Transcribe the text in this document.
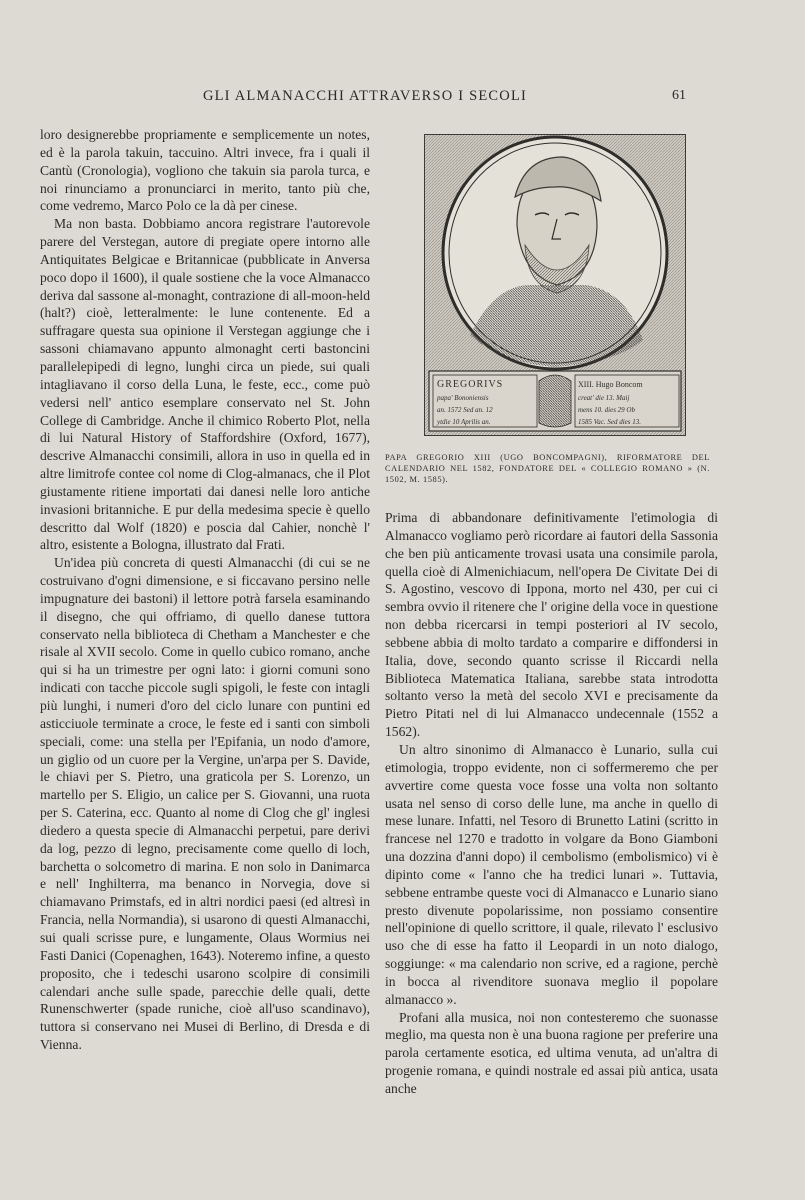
GLI ALMANACCHI ATTRAVERSO I SECOLI	61

loro designerebbe propriamente e semplicemente un notes, ed è la parola takuin, taccuino. Altri invece, fra i quali il Cantù (Cronologia), vogliono che takuin sia parola turca, e noi rinunciamo a pronunciarci in merito, tanto più che, come vedremo, Marco Polo ce la dà per cinese.

Ma non basta. Dobbiamo ancora registrare l'autorevole parere del Verstegan, autore di pregiate opere intorno alle Antiquitates Belgicae e Britannicae (pubblicate in Anversa poco dopo il 1600), il quale sostiene che la voce Almanacco deriva dal sassone al-monaght, contrazione di all-moon-held (halt?) cioè, letteralmente: le lune contenente. Ed a suffragare questa sua opinione il Verstegan aggiunge che i sassoni chiamavano appunto almonaght certi bastoncini parallelepipedi di legno, lunghi circa un piede, sui quali intagliavano il corso della Luna, le feste, ecc., come può vedersi nell' antico esemplare conservato nel St. John College di Cambridge. Anche il chimico Roberto Plot, nella di lui Natural History of Staffordshire (Oxford, 1677), descrive Almanacchi consimili, allora in uso in quella ed in altre limitrofe contee col nome di Clog-almanacs, che il Plot giustamente ritiene importati dai danesi nelle loro antiche invasioni britanniche. E pur della medesima specie è quello descritto dal Wolf (1820) e poscia dal Cahier, nonchè l' altro, esistente a Bologna, illustrato dal Frati.

Un'idea più concreta di questi Almanacchi (di cui se ne costruivano d'ogni dimensione, e si ficcavano persino nelle impugnature dei bastoni) il lettore potrà farsela esaminando il disegno, che qui offriamo, di quello danese tuttora conservato nella biblioteca di Chetham a Manchester e che risale al XVII secolo. Come in quello cubico romano, anche qui si ha un trimestre per ogni lato: i giorni comuni sono indicati con tacche piccole sugli spigoli, le feste con intagli più lunghi, i numeri d'oro del ciclo lunare con puntini ed asticciuole terminate a croce, le feste ed i santi con simboli speciali, come: una stella per l'Epifania, un nodo d'amore, un giglio od un cuore per la Vergine, un'arpa per S. Davide, le chiavi per S. Pietro, una graticola per S. Lorenzo, un martello per S. Eligio, un calice per S. Giovanni, una ruota per S. Caterina, ecc. Quanto al nome di Clog che gl' inglesi diedero a questa specie di Almanacchi perpetui, pare derivi da log, pezzo di legno, precisamente come quello di loch, barchetta o solcometro di marina. E non solo in Danimarca e nell' Inghilterra, ma benanco in Norvegia, dove si chiamavano Primstafs, ed in altri nordici paesi (ed altresì in Francia, nella Normandia), si usarono di questi Almanacchi, sui quali scrisse pure, e lungamente, Olaus Wormius nei Fasti Danici (Copenaghen, 1643). Noteremo infine, a questo proposito, che i tedeschi usarono scolpire di consimili calendari anche sulle spade, parecchie delle quali, dette Runenschwerter (spade runiche, cioè all'uso scandinavo), tuttora si conservano nei Musei di Berlino, di Dresda e di Vienna.

GREGORIVS
papa' Bononiensis
an. 1572 Sed an. 12
ytdie 10 Aprilis an.
XIII. Hugo Boncom
creat' die 13. Maij
mens 10. dies 29 Ob
1585 Vac. Sed dies 13.
PAPA GREGORIO XIII (UGO BONCOMPAGNI), RIFORMATORE DEL CALENDARIO NEL 1582, FONDATORE DEL « COLLEGIO ROMANO » (N. 1502, M. 1585).

Prima di abbandonare definitivamente l'etimologia di Almanacco vogliamo però ricordare ai fautori della Sassonia che ben più anticamente trovasi usata una consimile parola, quella cioè di Almenichiacum, nell'opera De Civitate Dei di S. Agostino, vescovo di Ippona, morto nel 430, per cui ci sembra ovvio il ritenere che l' origine della voce in questione non debba ricercarsi in tempi posteriori al IV secolo, sebbene abbia di molto tardato a comparire e diffondersi in Italia, dove, secondo quanto scrisse il Riccardi nella Biblioteca Matematica Italiana, sarebbe stata introdotta soltanto verso la metà del secolo XVI e precisamente da Pietro Pitati nel di lui Almanacco undecennale (1552 a 1562).

Un altro sinonimo di Almanacco è Lunario, sulla cui etimologia, troppo evidente, non ci soffermeremo che per avvertire come questa voce fosse una volta non soltanto usata nel senso di corso delle lune, ma anche in quello di mese lunare. Infatti, nel Tesoro di Brunetto Latini (scritto in francese nel 1270 e tradotto in volgare da Bono Giamboni una dozzina d'anni dopo) il cembolismo (embolismico) vi è dipinto come « l'anno che ha tredici lunari ». Tuttavia, sebbene entrambe queste voci di Almanacco e Lunario siano presto divenute popolarissime, non possiamo consentire nell'opinione di quello scrittore, il quale, rilevato l' esclusivo uso che di esse ha fatto il Leopardi in un noto dialogo, soggiunge: « ma calendario non scrive, ed a ragione, perchè in bocca al rivenditore suonava meglio il popolare almanacco ».

Profani alla musica, noi non contesteremo che suonasse meglio, ma questa non è una buona ragione per preferire una parola certamente esotica, ed ultima venuta, ad un'altra di progenie romana, e quindi nostrale ed assai più antica, usata anche
